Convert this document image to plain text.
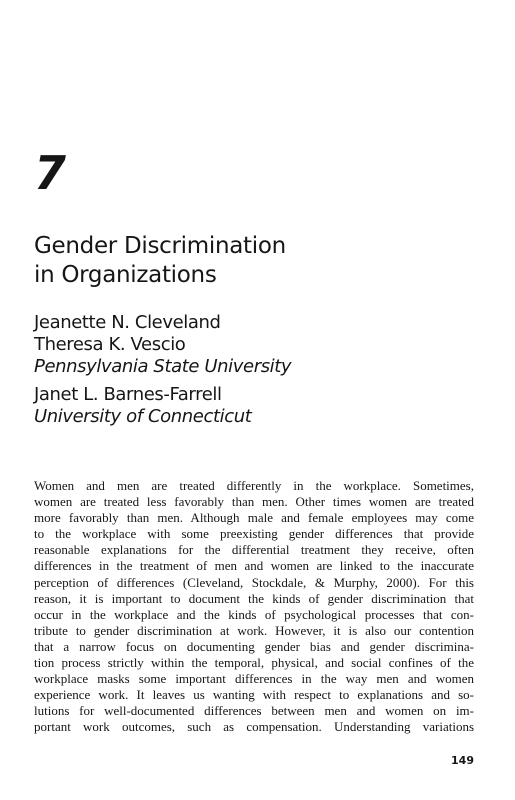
7
Gender Discrimination
in Organizations
Jeanette N. Cleveland
Theresa K. Vescio
Pennsylvania State University
Janet L. Barnes-Farrell
University of Connecticut
Women and men are treated differently in the workplace. Sometimes,
women are treated less favorably than men. Other times women are treated
more favorably than men. Although male and female employees may come
to the workplace with some preexisting gender differences that provide
reasonable explanations for the differential treatment they receive, often
differences in the treatment of men and women are linked to the inaccurate
perception of differences (Cleveland, Stockdale, & Murphy, 2000). For this
reason, it is important to document the kinds of gender discrimination that
occur in the workplace and the kinds of psychological processes that con-
tribute to gender discrimination at work. However, it is also our contention
that a narrow focus on documenting gender bias and gender discrimina-
tion process strictly within the temporal, physical, and social confines of the
workplace masks some important differences in the way men and women
experience work. It leaves us wanting with respect to explanations and so-
lutions for well-documented differences between men and women on im-
portant work outcomes, such as compensation. Understanding variations
149
